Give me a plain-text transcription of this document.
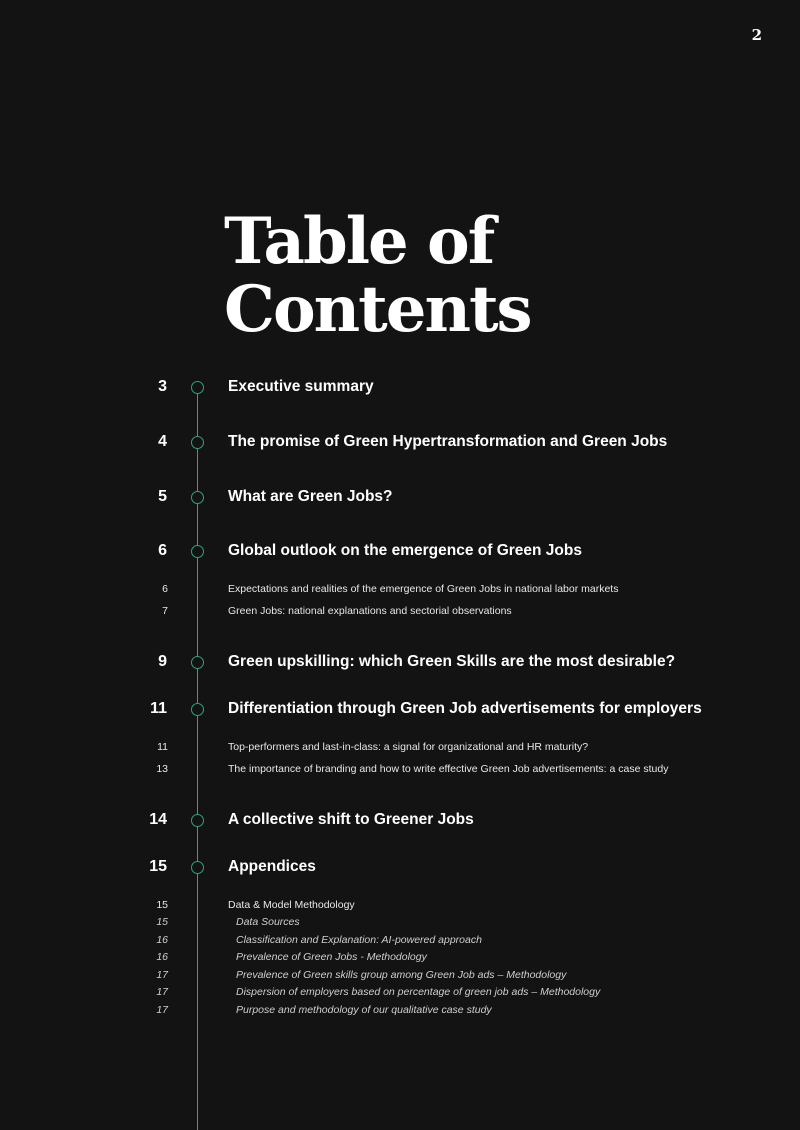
2
Table of
Contents
3	Executive summary
4	The promise of Green Hypertransformation and Green Jobs
5	What are Green Jobs?
6	Global outlook on the emergence of Green Jobs
6	Expectations and realities of the emergence of Green Jobs in national labor markets
7	Green Jobs: national explanations and sectorial observations
9	Green upskilling: which Green Skills are the most desirable?
11	Differentiation through Green Job advertisements for employers
11	Top-performers and last-in-class: a signal for organizational and HR maturity?
13	The importance of branding and how to write effective Green Job advertisements: a case study
14	A collective shift to Greener Jobs
15	Appendices
15	Data & Model Methodology
15	Data Sources
16	Classification and Explanation: AI-powered approach
16	Prevalence of Green Jobs - Methodology
17	Prevalence of Green skills group among Green Job ads – Methodology
17	Dispersion of employers based on percentage of green job ads – Methodology
17	Purpose and methodology of our qualitative case study
